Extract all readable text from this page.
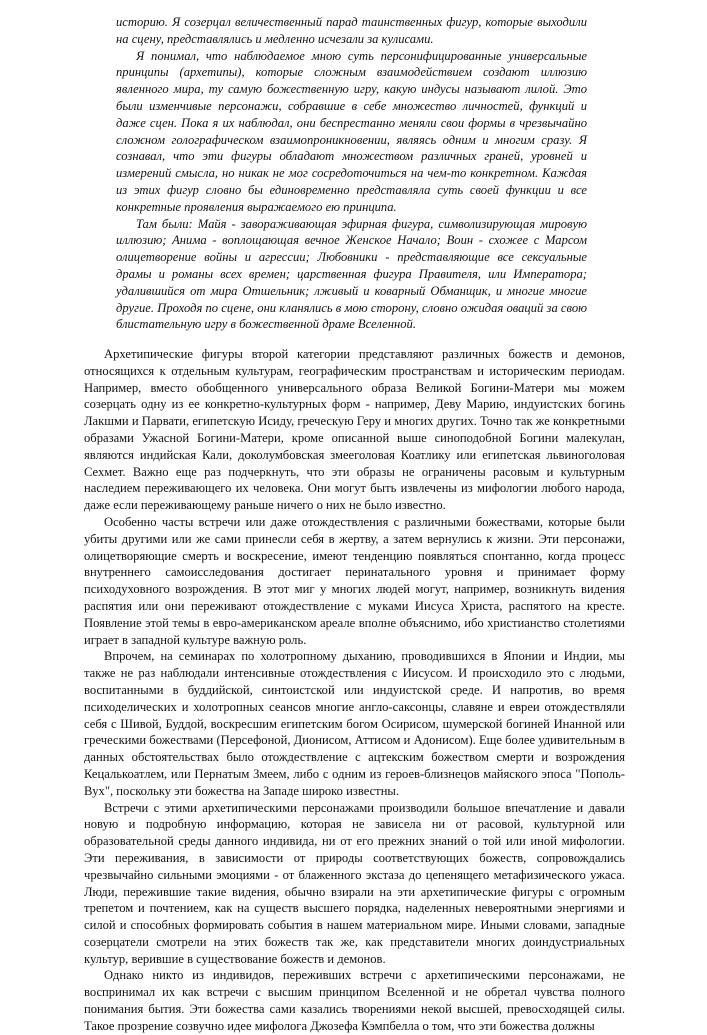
историю. Я созерцал величественный парад таинственных фигур, которые выходили на сцену, представлялись и медленно исчезали за кулисами.

Я понимал, что наблюдаемое мною суть персонифицированные универсальные принципы (архетипы), которые сложным взаимодействием создают иллюзию явленного мира, ту самую божественную игру, какую индусы называют лилой. Это были изменчивые персонажи, собравшие в себе множество личностей, функций и даже сцен. Пока я их наблюдал, они беспрестанно меняли свои формы в чрезвычайно сложном голографическом взаимопроникновении, являясь одним и многим сразу. Я сознавал, что эти фигуры обладают множеством различных граней, уровней и измерений смысла, но никак не мог сосредоточиться на чем-то конкретном. Каждая из этих фигур словно бы единовременно представляла суть своей функции и все конкретные проявления выражаемого ею принципа.

Там были: Майя - завораживающая эфирная фигура, символизирующая мировую иллюзию; Анима - воплощающая вечное Женское Начало; Воин - схожее с Марсом олицетворение войны и агрессии; Любовники - представляющие все сексуальные драмы и романы всех времен; царственная фигура Правителя, или Императора; удалившийся от мира Отшельник; лживый и коварный Обманщик, и многие многие другие. Проходя по сцене, они кланялись в мою сторону, словно ожидая оваций за свою блистательную игру в божественной драме Вселенной.

Архетипические фигуры второй категории представляют различных божеств и демонов, относящихся к отдельным культурам, географическим пространствам и историческим периодам. Например, вместо обобщенного универсального образа Великой Богини-Матери мы можем созерцать одну из ее конкретно-культурных форм - например, Деву Марию, индуистских богинь Лакшми и Парвати, египетскую Исиду, греческую Геру и многих других. Точно так же конкретными образами Ужасной Богини-Матери, кроме описанной выше синоподобной Богини малекулан, являются индийская Кали, доколумбовская змееголовая Коатлику или египетская львиноголовая Сехмет. Важно еще раз подчеркнуть, что эти образы не ограничены расовым и культурным наследием переживающего их человека. Они могут быть извлечены из мифологии любого народа, даже если переживающему раньше ничего о них не было известно.

Особенно часты встречи или даже отождествления с различными божествами, которые были убиты другими или же сами принесли себя в жертву, а затем вернулись к жизни. Эти персонажи, олицетворяющие смерть и воскресение, имеют тенденцию появляться спонтанно, когда процесс внутреннего самоисследования достигает перинатального уровня и принимает форму психодуховного возрождения. В этот миг у многих людей могут, например, возникнуть видения распятия или они переживают отождествление с муками Иисуса Христа, распятого на кресте. Появление этой темы в евро-американском ареале вполне объяснимо, ибо христианство столетиями играет в западной культуре важную роль.

Впрочем, на семинарах по холотропному дыханию, проводившихся в Японии и Индии, мы также не раз наблюдали интенсивные отождествления с Иисусом. И происходило это с людьми, воспитанными в буддийской, синтоистской или индуистской среде. И напротив, во время психоделических и холотропных сеансов многие англо-саксонцы, славяне и евреи отождествляли себя с Шивой, Буддой, воскресшим египетским богом Осирисом, шумерской богиней Инанной или греческими божествами (Персефоной, Дионисом, Аттисом и Адонисом). Еще более удивительным в данных обстоятельствах было отождествление с ацтекским божеством смерти и возрождения Кецалькоатлем, или Пернатым Змеем, либо с одним из героев-близнецов майяского эпоса "Пополь-Вух", поскольку эти божества на Западе широко известны.

Встречи с этими архетипическими персонажами производили большое впечатление и давали новую и подробную информацию, которая не зависела ни от расовой, культурной или образовательной среды данного индивида, ни от его прежних знаний о той или иной мифологии. Эти переживания, в зависимости от природы соответствующих божеств, сопровождались чрезвычайно сильными эмоциями - от блаженного экстаза до цепенящего метафизического ужаса. Люди, пережившие такие видения, обычно взирали на эти архетипические фигуры с огромным трепетом и почтением, как на существ высшего порядка, наделенных невероятными энергиями и силой и способных формировать события в нашем материальном мире. Иными словами, западные созерцатели смотрели на этих божеств так же, как представители многих доиндустриальных культур, верившие в существование божеств и демонов.

Однако никто из индивидов, переживших встречи с архетипическими персонажами, не воспринимал их как встречи с высшим принципом Вселенной и не обретал чувства полного понимания бытия. Эти божества сами казались творениями некой высшей, превосходящей силы. Такое прозрение созвучно идее мифолога Джозефа Кэмпбелла о том, что эти божества должны
